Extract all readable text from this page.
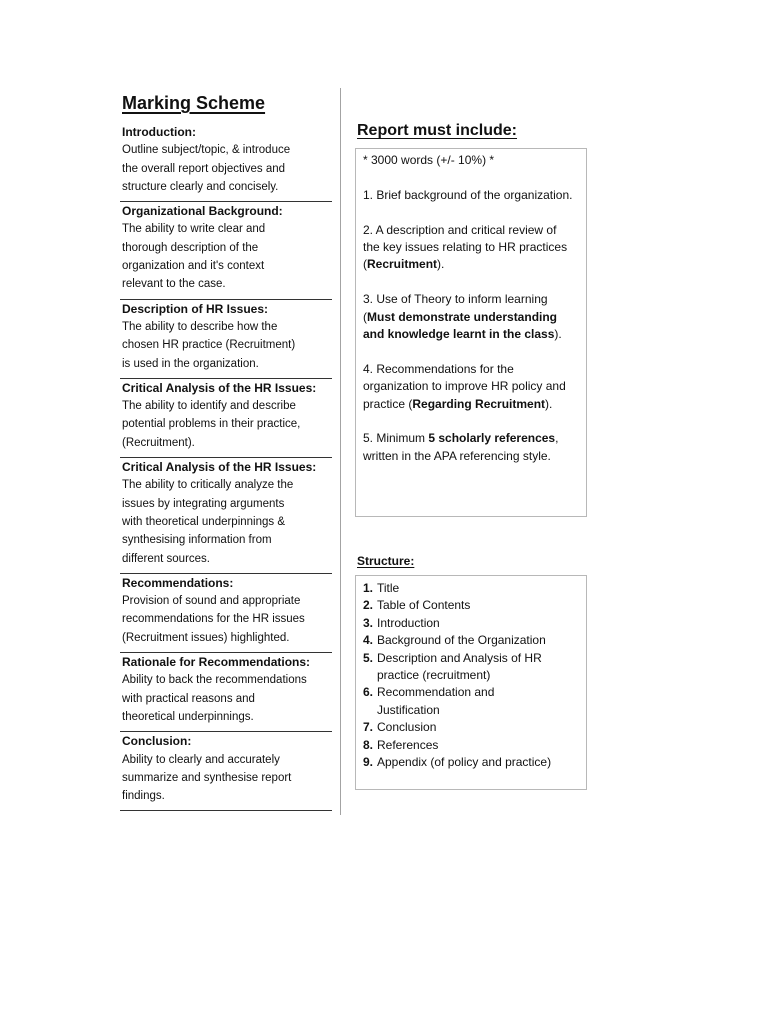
Marking Scheme
Introduction:
Outline subject/topic, & introduce
the overall report objectives and
structure clearly and concisely.
Organizational Background:
The ability to write clear and
thorough description of the
organization and it's context
relevant to the case.
Description of HR Issues:
The ability to describe how the
chosen HR practice (Recruitment)
is used in the organization.
Critical Analysis of the HR Issues:
The ability to identify and describe
potential problems in their practice,
(Recruitment).
Critical Analysis of the HR Issues:
The ability to critically analyze the
issues by integrating arguments
with theoretical underpinnings &
synthesising information from
different sources.
Recommendations:
Provision of sound and appropriate
recommendations for the HR issues
(Recruitment issues) highlighted.
Rationale for Recommendations:
Ability to back the recommendations
with practical reasons and
theoretical underpinnings.
Conclusion:
Ability to clearly and accurately
summarize and synthesise report
findings.
Report must include:
* 3000 words (+/- 10%) *
1. Brief background of the organization.
2. A description and critical review of
the key issues relating to HR practices
(Recruitment).
3. Use of Theory to inform learning
(Must demonstrate understanding
and knowledge learnt in the class).
4. Recommendations for the
organization to improve HR policy and
practice (Regarding Recruitment).
5. Minimum 5 scholarly references,
written in the APA referencing style.
Structure:
1. Title
2. Table of Contents
3. Introduction
4. Background of the Organization
5. Description and Analysis of HR
practice (recruitment)
6. Recommendation and
Justification
7. Conclusion
8. References
9. Appendix (of policy and practice)
